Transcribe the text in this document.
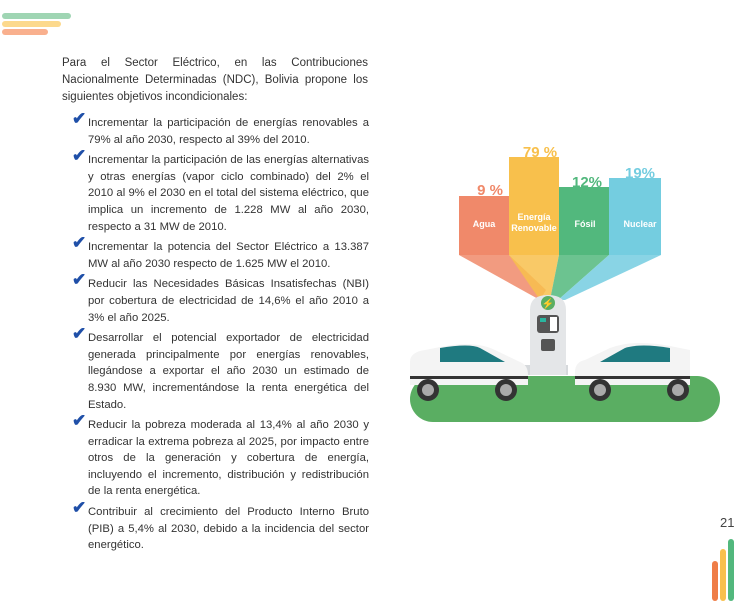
Para el Sector Eléctrico, en las Contribuciones Nacionalmente Determinadas (NDC), Bolivia propone los siguientes objetivos incondicionales:

✔ Incrementar la participación de energías renovables a 79% al año 2030, respecto al 39% del 2010.
✔ Incrementar la participación de las energías alternativas y otras energías (vapor ciclo combinado) del 2% el 2010 al 9% el 2030 en el total del sistema eléctrico, que implica un incremento de 1.228 MW al año 2030, respecto a 31 MW de 2010.
✔ Incrementar la potencia del Sector Eléctrico a 13.387 MW al año 2030 respecto de 1.625 MW el 2010.
✔ Reducir las Necesidades Básicas Insatisfechas (NBI) por cobertura de electricidad de 14,6% el año 2010 a 3% el año 2025.
✔ Desarrollar el potencial exportador de electricidad generada principalmente por energías renovables, llegándose a exportar el año 2030 un estimado de 8.930 MW, incrementándose la renta energética del Estado.
✔ Reducir la pobreza moderada al 13,4% al año 2030 y erradicar la extrema pobreza al 2025, por impacto entre otros de la generación y cobertura de energía, incluyendo el incremento, distribución y redistribución de la renta energética.
✔ Contribuir al crecimiento del Producto Interno Bruto (PIB) a 5,4% al 2030, debido a la incidencia del sector energético.
9 %
79 %
12%
19%
Agua
Energía
Renovable Fósil	Nuclear
⚡
21
